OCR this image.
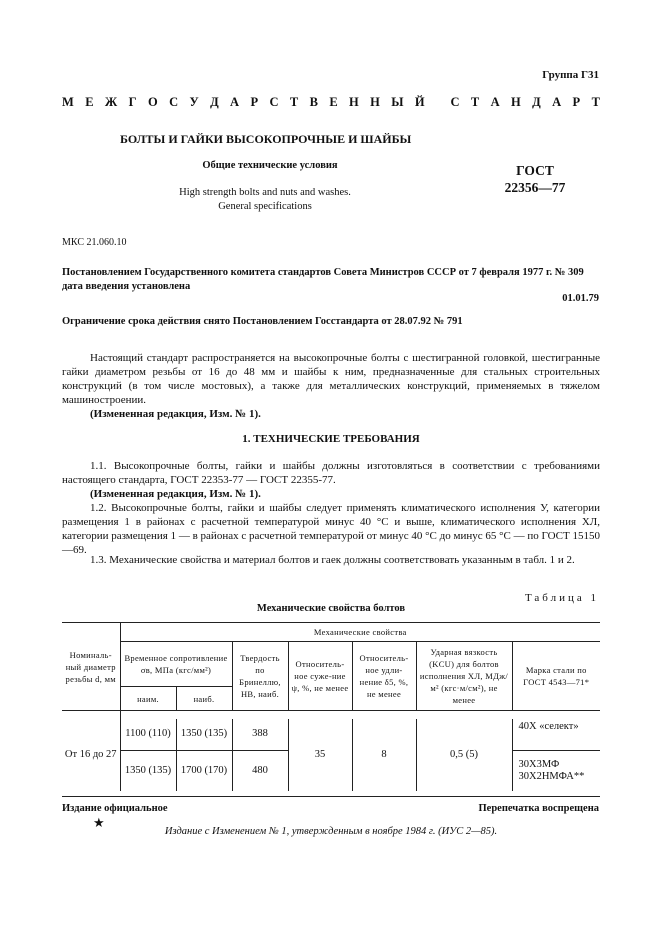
Группа Г31
М Е Ж Г О С У Д А Р С Т В Е Н Н Ы Й
С Т А Н Д А Р Т
БОЛТЫ И ГАЙКИ ВЫСОКОПРОЧНЫЕ И ШАЙБЫ
Общие технические условия
High strength bolts and nuts and washes.
General specifications
ГОСТ
22356—77
МКС 21.060.10
Постановлением Государственного комитета стандартов Совета Министров СССР от 7 февраля 1977 г. № 309 дата введения установлена
01.01.79
Ограничение срока действия снято Постановлением Госстандарта от 28.07.92 № 791
Настоящий стандарт распространяется на высокопрочные болты с шестигранной головкой, шестигранные гайки диаметром резьбы от 16 до 48 мм и шайбы к ним, предназначенные для стальных строительных конструкций (в том числе мостовых), а также для металлических конструкций, применяемых в тяжелом машиностроении.
(Измененная редакция, Изм. № 1).
1. ТЕХНИЧЕСКИЕ ТРЕБОВАНИЯ
1.1. Высокопрочные болты, гайки и шайбы должны изготовляться в соответствии с требованиями настоящего стандарта, ГОСТ 22353-77 — ГОСТ 22355-77.
(Измененная редакция, Изм. № 1).
1.2. Высокопрочные болты, гайки и шайбы следует применять климатического исполнения У, категории размещения 1 в районах с расчетной температурой минус 40 °С и выше, климатического исполнения ХЛ, категории размещения 1 — в районах с расчетной температурой от минус 40 °С до минус 65 °С — по ГОСТ 15150—69.
1.3. Механические свойства и материал болтов и гаек должны соответствовать указанным в табл. 1 и 2.
Таблица 1
Механические свойства болтов
Номиналь-ный диаметр резьбы d, мм	Механические свойства						
	Временное сопротивление σв, МПа (кгс/мм²)		Твердость по Бринеллю, НВ, наиб.	Относитель-ное суже-ние ψ, %, не менее	Относитель-ное удли-нение δ5, %, не менее	Ударная вязкость (KCU) для болтов исполнения ХЛ, МДж/м² (кгс·м/см²), не менее	Марка стали по ГОСТ 4543—71*
	наим.	наиб.					

От 16 до 27	1100 (110)	1350 (135)	388	35	8	0,5 (5)	40Х «селект»
	1350 (135)	1700 (170)	480				30Х3МФ
30Х2НМФА**
Издание официальное	Перепечатка воспрещена
★
Издание с Изменением № 1, утвержденным в ноябре 1984 г. (ИУС 2—85).
